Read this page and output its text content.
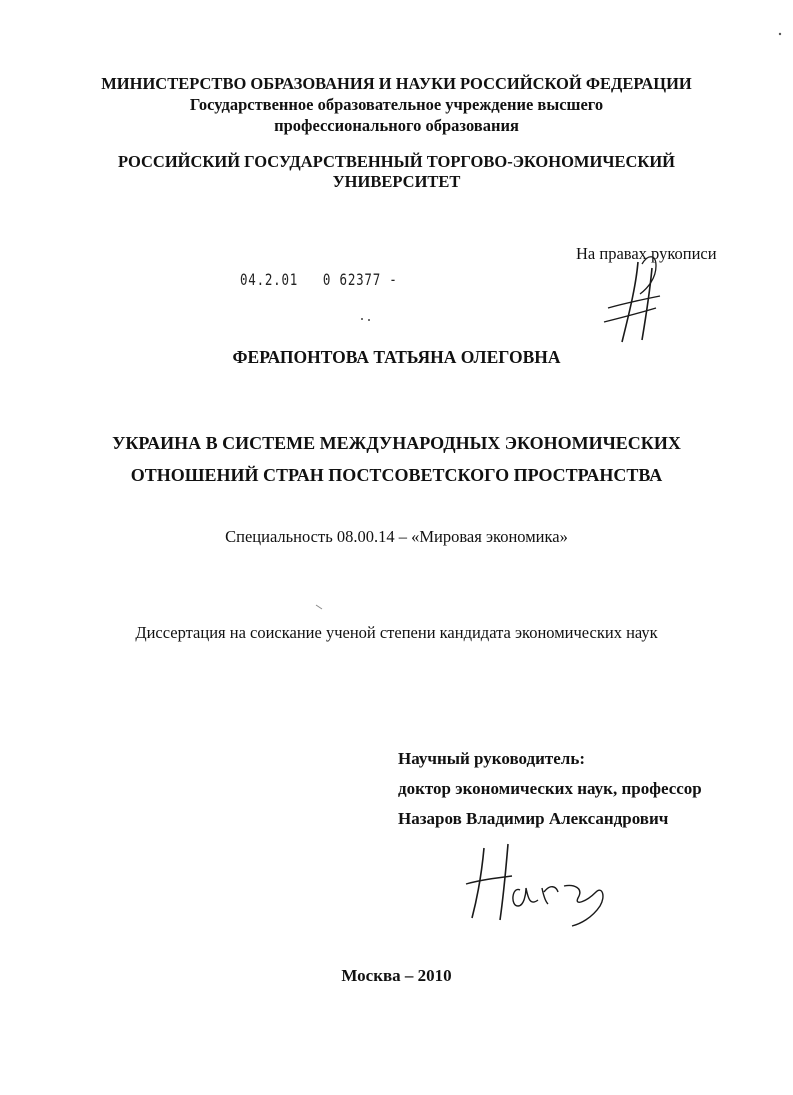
МИНИСТЕРСТВО ОБРАЗОВАНИЯ И НАУКИ РОССИЙСКОЙ ФЕДЕРАЦИИ
Государственное образовательное учреждение высшего
профессионального образования
РОССИЙСКИЙ ГОСУДАРСТВЕННЫЙ ТОРГОВО-ЭКОНОМИЧЕСКИЙ
УНИВЕРСИТЕТ
На правах рукописи
04.2.01   0 62377 -
ФЕРАПОНТОВА ТАТЬЯНА ОЛЕГОВНА
УКРАИНА В СИСТЕМЕ МЕЖДУНАРОДНЫХ ЭКОНОМИЧЕСКИХ
ОТНОШЕНИЙ СТРАН ПОСТСОВЕТСКОГО ПРОСТРАНСТВА
Специальность 08.00.14 – «Мировая экономика»
Диссертация на соискание ученой степени кандидата экономических наук
Научный руководитель:
доктор экономических наук, профессор
Назаров Владимир Александрович
Москва – 2010
